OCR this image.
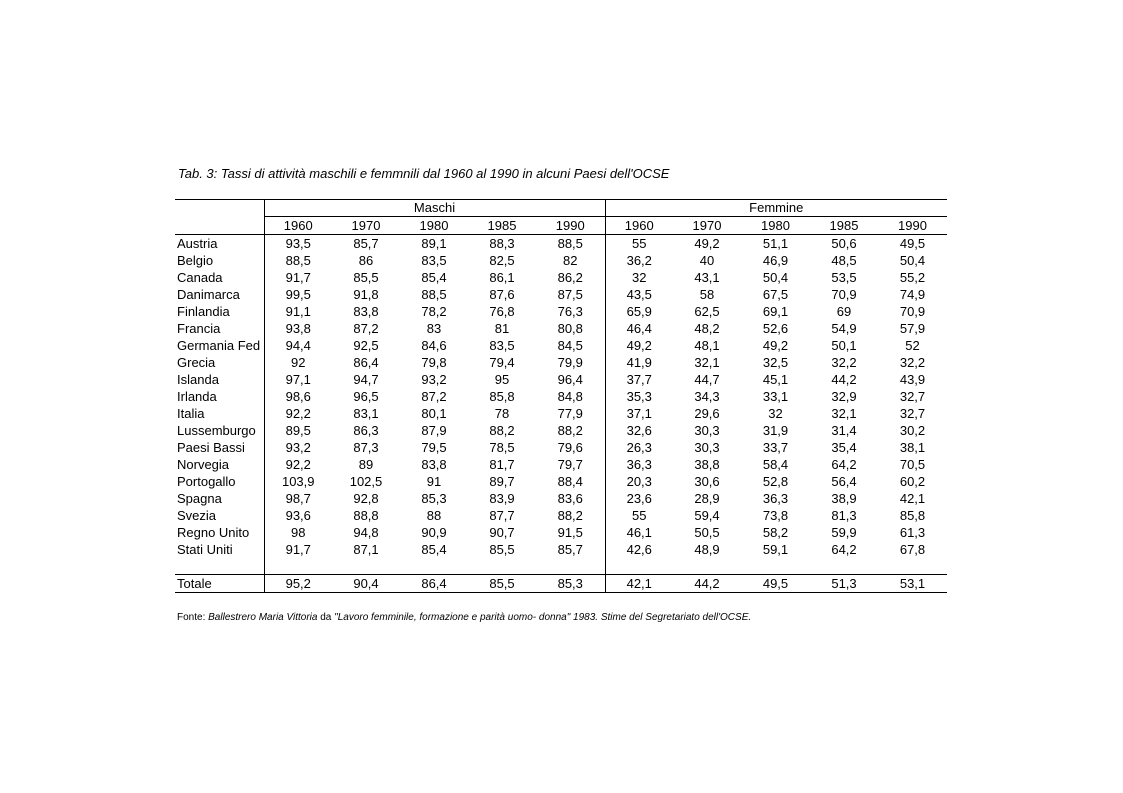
Tab. 3: Tassi di attività maschili e femmnili dal 1960 al 1990 in alcuni Paesi dell'OCSE
	Maschi					Femmine				
	1960	1970	1980	1985	1990	1960	1970	1980	1985	1990
Austria	93,5	85,7	89,1	88,3	88,5	55	49,2	51,1	50,6	49,5
Belgio	88,5	86	83,5	82,5	82	36,2	40	46,9	48,5	50,4
Canada	91,7	85,5	85,4	86,1	86,2	32	43,1	50,4	53,5	55,2
Danimarca	99,5	91,8	88,5	87,6	87,5	43,5	58	67,5	70,9	74,9
Finlandia	91,1	83,8	78,2	76,8	76,3	65,9	62,5	69,1	69	70,9
Francia	93,8	87,2	83	81	80,8	46,4	48,2	52,6	54,9	57,9
Germania Fed	94,4	92,5	84,6	83,5	84,5	49,2	48,1	49,2	50,1	52
Grecia	92	86,4	79,8	79,4	79,9	41,9	32,1	32,5	32,2	32,2
Islanda	97,1	94,7	93,2	95	96,4	37,7	44,7	45,1	44,2	43,9
Irlanda	98,6	96,5	87,2	85,8	84,8	35,3	34,3	33,1	32,9	32,7
Italia	92,2	83,1	80,1	78	77,9	37,1	29,6	32	32,1	32,7
Lussemburgo	89,5	86,3	87,9	88,2	88,2	32,6	30,3	31,9	31,4	30,2
Paesi Bassi	93,2	87,3	79,5	78,5	79,6	26,3	30,3	33,7	35,4	38,1
Norvegia	92,2	89	83,8	81,7	79,7	36,3	38,8	58,4	64,2	70,5
Portogallo	103,9	102,5	91	89,7	88,4	20,3	30,6	52,8	56,4	60,2
Spagna	98,7	92,8	85,3	83,9	83,6	23,6	28,9	36,3	38,9	42,1
Svezia	93,6	88,8	88	87,7	88,2	55	59,4	73,8	81,3	85,8
Regno Unito	98	94,8	90,9	90,7	91,5	46,1	50,5	58,2	59,9	61,3
Stati Uniti	91,7	87,1	85,4	85,5	85,7	42,6	48,9	59,1	64,2	67,8

Totale	95,2	90,4	86,4	85,5	85,3	42,1	44,2	49,5	51,3	53,1
Fonte: Ballestrero Maria Vittoria da "Lavoro femminile, formazione e parità uomo- donna" 1983. Stime del Segretariato dell'OCSE.
